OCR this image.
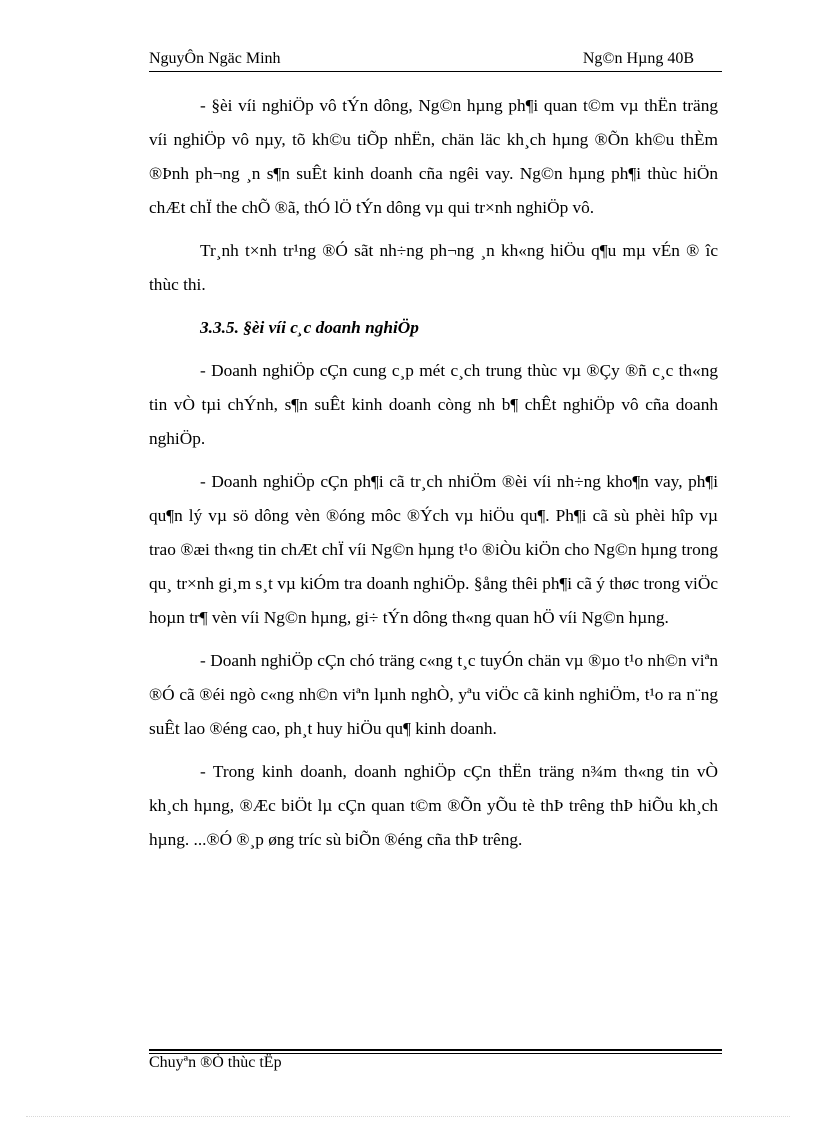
NguyÔn Ngäc Minh	Ng©n Hµng 40B

- §èi víi nghiÖp vô tÝn dông, Ng©n hµng ph¶i quan t©m vµ thËn träng víi nghiÖp vô nµy, tõ kh©u tiÕp nhËn, chän läc kh¸ch hµng ®Õn kh©u thÈm ®Þnh ph¬ng ¸n s¶n suÊt kinh doanh cña ngêi vay. Ng©n hµng ph¶i thùc hiÖn chÆt chÏ the chÕ ®ã, thÓ lÖ tÝn dông vµ qui tr×nh nghiÖp vô.

Tr¸nh t×nh tr¹ng ®Ó sãt nh÷ng ph¬ng ¸n kh«ng hiÖu q¶u mµ vÉn ® îc thùc thi.

3.3.5. §èi víi c¸c doanh nghiÖp

- Doanh nghiÖp cÇn cung c¸p mét c¸ch trung thùc vµ ®Çy ®ñ c¸c th«ng tin vÒ tµi chÝnh, s¶n suÊt kinh doanh còng nh b¶ chÊt nghiÖp vô cña doanh nghiÖp.

- Doanh nghiÖp cÇn ph¶i cã tr¸ch nhiÖm ®èi víi nh÷ng kho¶n vay, ph¶i qu¶n lý vµ sö dông vèn ®óng môc ®Ých vµ hiÖu qu¶. Ph¶i cã sù phèi hîp vµ trao ®æi th«ng tin chÆt chÏ víi Ng©n hµng t¹o ®iÒu kiÖn cho Ng©n hµng trong qu¸ tr×nh gi¸m s¸t vµ kiÓm tra doanh nghiÖp. §ång thêi ph¶i cã ý thøc trong viÖc hoµn tr¶ vèn víi Ng©n hµng, gi÷ tÝn dông th«ng quan hÖ víi Ng©n hµng.

- Doanh nghiÖp cÇn chó träng c«ng t¸c tuyÓn chän vµ ®µo t¹o nh©n viªn ®Ó cã ®éi ngò c«ng nh©n viªn lµnh nghÒ, yªu viÖc cã kinh nghiÖm, t¹o ra n¨ng suÊt lao ®éng cao, ph¸t huy hiÖu qu¶ kinh doanh.

- Trong kinh doanh, doanh nghiÖp cÇn thËn träng n¾m th«ng tin vÒ kh¸ch hµng, ®Æc biÖt lµ cÇn quan t©m ®Õn yÕu tè thÞ trêng thÞ hiÕu kh¸ch hµng. ...®Ó ®¸p øng tríc sù biÕn ®éng cña thÞ trêng.

Chuyªn ®Ò thùc tËp
